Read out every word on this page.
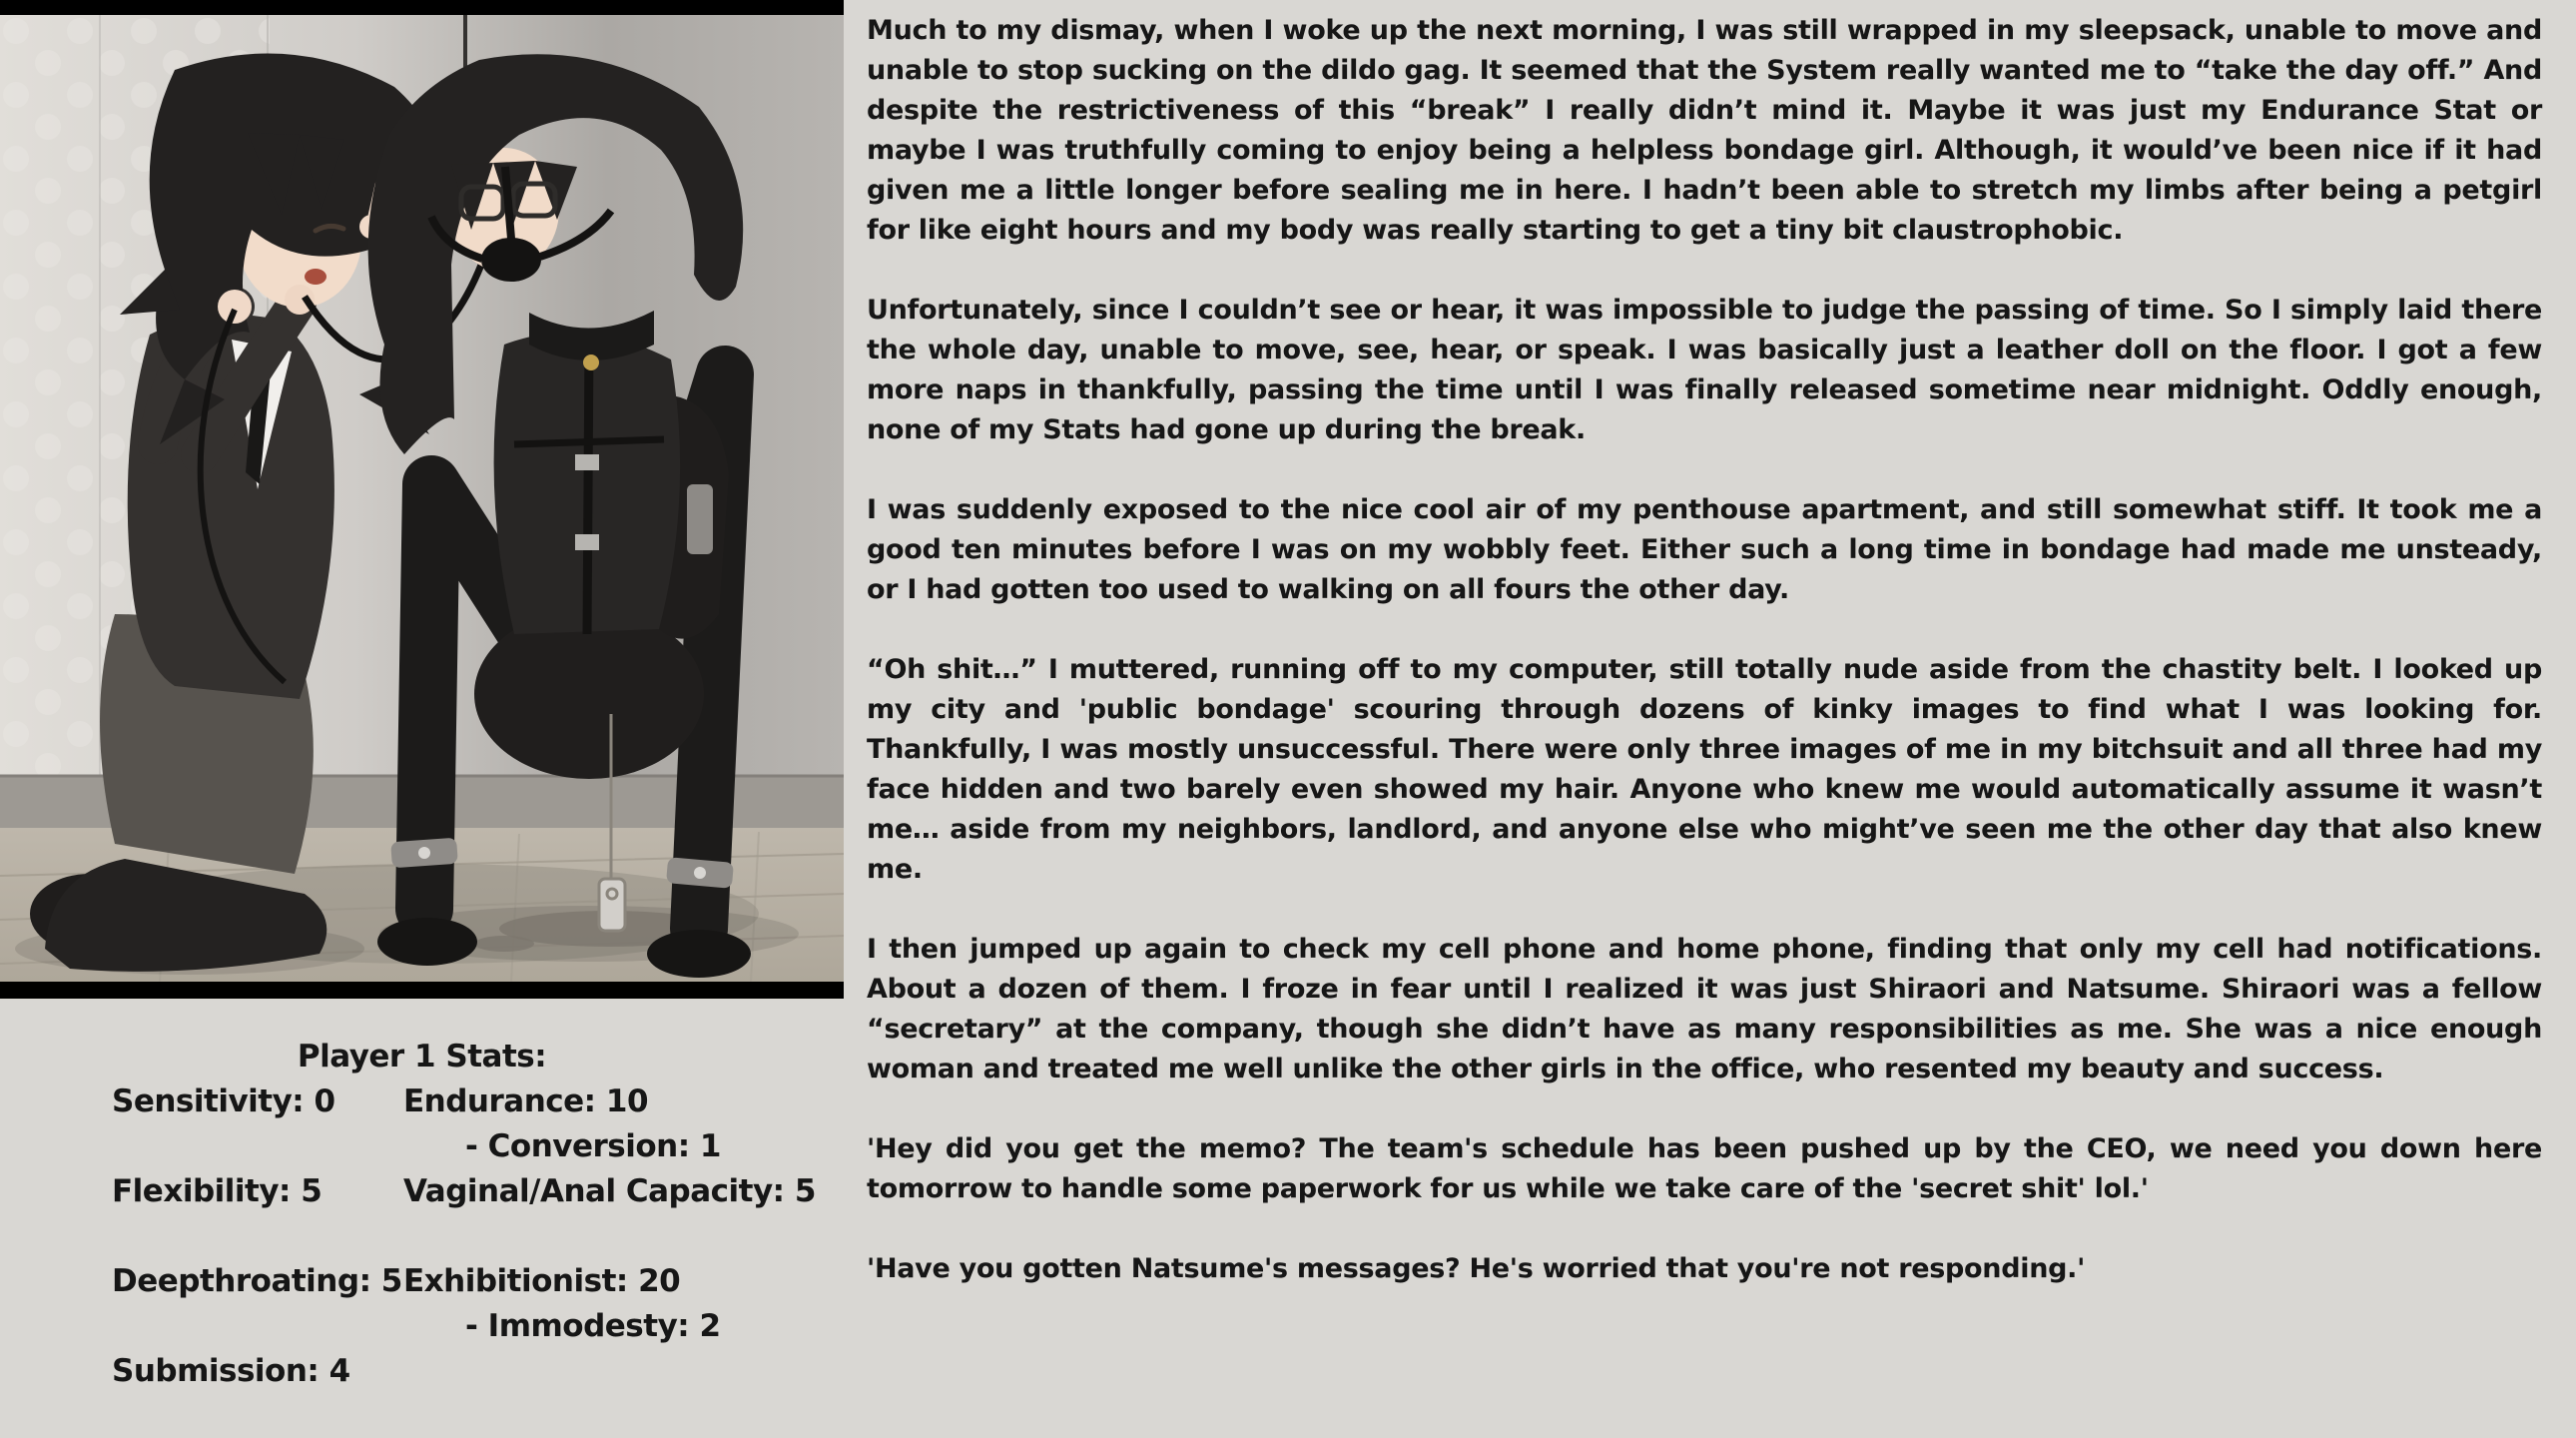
Player 1 Stats:
Sensitivity: 0	Endurance: 10
- Conversion: 1
Flexibility: 5	Vaginal/Anal Capacity: 5
Deepthroating: 5 Exhibitionist: 20
- Immodesty: 2
Submission: 4

Much to my dismay, when I woke up the next morning, I was still wrapped in my sleepsack, unable to move and unable to stop sucking on the dildo gag. It seemed that the System really wanted me to “take the day off.” And despite the restrictiveness of this “break” I really didn’t mind it. Maybe it was just my Endurance Stat or maybe I was truthfully coming to enjoy being a helpless bondage girl. Although, it would’ve been nice if it had given me a little longer before sealing me in here. I hadn’t been able to stretch my limbs after being a petgirl for like eight hours and my body was really starting to get a tiny bit claustrophobic.

Unfortunately, since I couldn’t see or hear, it was impossible to judge the passing of time. So I simply laid there the whole day, unable to move, see, hear, or speak. I was basically just a leather doll on the floor. I got a few more naps in thankfully, passing the time until I was finally released sometime near midnight. Oddly enough, none of my Stats had gone up during the break.

I was suddenly exposed to the nice cool air of my penthouse apartment, and still somewhat stiff. It took me a good ten minutes before I was on my wobbly feet. Either such a long time in bondage had made me unsteady, or I had gotten too used to walking on all fours the other day.

“Oh shit…” I muttered, running off to my computer, still totally nude aside from the chastity belt. I looked up my city and 'public bondage' scouring through dozens of kinky images to find what I was looking for. Thankfully, I was mostly unsuccessful. There were only three images of me in my bitchsuit and all three had my face hidden and two barely even showed my hair. Anyone who knew me would automatically assume it wasn’t me… aside from my neighbors, landlord, and anyone else who might’ve seen me the other day that also knew me.

I then jumped up again to check my cell phone and home phone, finding that only my cell had notifications. About a dozen of them. I froze in fear until I realized it was just Shiraori and Natsume. Shiraori was a fellow “secretary” at the company, though she didn’t have as many responsibilities as me. She was a nice enough woman and treated me well unlike the other girls in the office, who resented my beauty and success.

'Hey did you get the memo? The team's schedule has been pushed up by the CEO, we need you down here tomorrow to handle some paperwork for us while we take care of the 'secret shit' lol.'

'Have you gotten Natsume's messages? He's worried that you're not responding.'
